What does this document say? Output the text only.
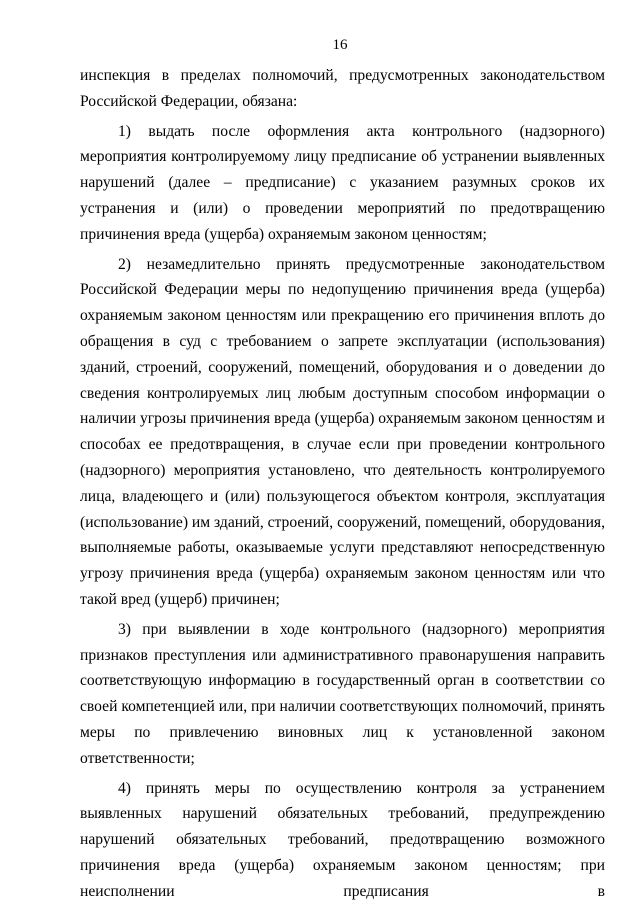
16

инспекция в пределах полномочий, предусмотренных законодательством Российской Федерации, обязана:

1) выдать после оформления акта контрольного (надзорного) мероприятия контролируемому лицу предписание об устранении выявленных нарушений (далее – предписание) с указанием разумных сроков их устранения и (или) о проведении мероприятий по предотвращению причинения вреда (ущерба) охраняемым законом ценностям;

2) незамедлительно принять предусмотренные законодательством Российской Федерации меры по недопущению причинения вреда (ущерба) охраняемым законом ценностям или прекращению его причинения вплоть до обращения в суд с требованием о запрете эксплуатации (использования) зданий, строений, сооружений, помещений, оборудования и о доведении до сведения контролируемых лиц любым доступным способом информации о наличии угрозы причинения вреда (ущерба) охраняемым законом ценностям и способах ее предотвращения, в случае если при проведении контрольного (надзорного) мероприятия установлено, что деятельность контролируемого лица, владеющего и (или) пользующегося объектом контроля, эксплуатация (использование) им зданий, строений, сооружений, помещений, оборудования, выполняемые работы, оказываемые услуги представляют непосредственную угрозу причинения вреда (ущерба) охраняемым законом ценностям или что такой вред (ущерб) причинен;

3) при выявлении в ходе контрольного (надзорного) мероприятия признаков преступления или административного правонарушения направить соответствующую информацию в государственный орган в соответствии со своей компетенцией или, при наличии соответствующих полномочий, принять меры по привлечению виновных лиц к установленной законом ответственности;

4) принять меры по осуществлению контроля за устранением выявленных нарушений обязательных требований, предупреждению нарушений обязательных требований, предотвращению возможного причинения вреда (ущерба) охраняемым законом ценностям; при неисполнении предписания в
